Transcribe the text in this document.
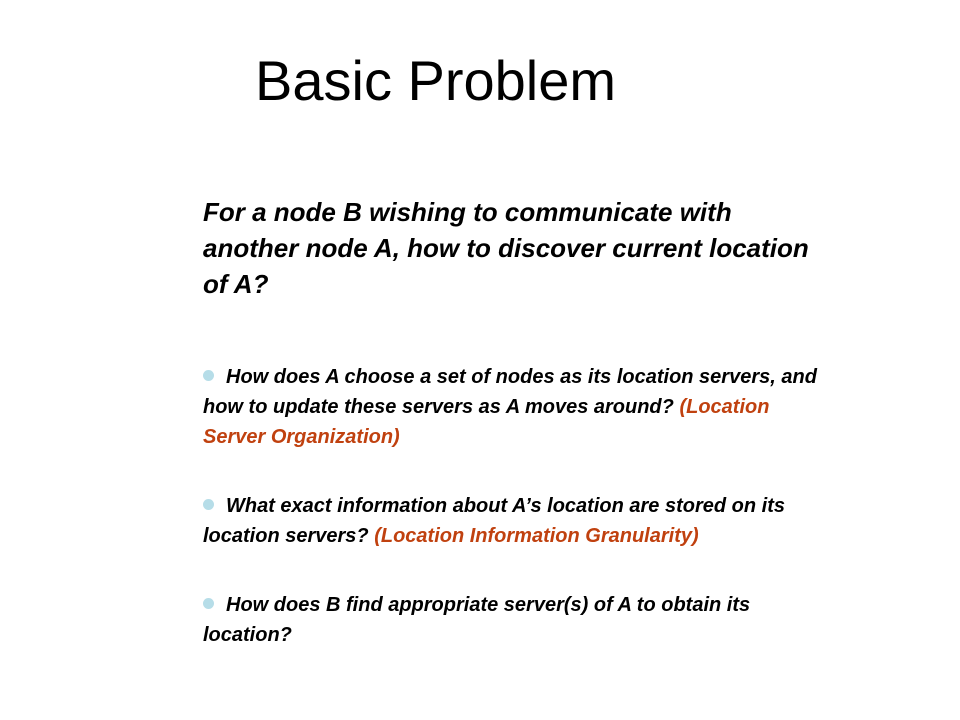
Basic Problem

For a node B wishing to communicate with another node A, how to discover current location of A?

How does A choose a set of nodes as its location servers, and how to update these servers as A moves around? (Location Server Organization)
What exact information about A’s location are stored on its location servers? (Location Information Granularity)
How does B find appropriate server(s) of A to obtain its location?
